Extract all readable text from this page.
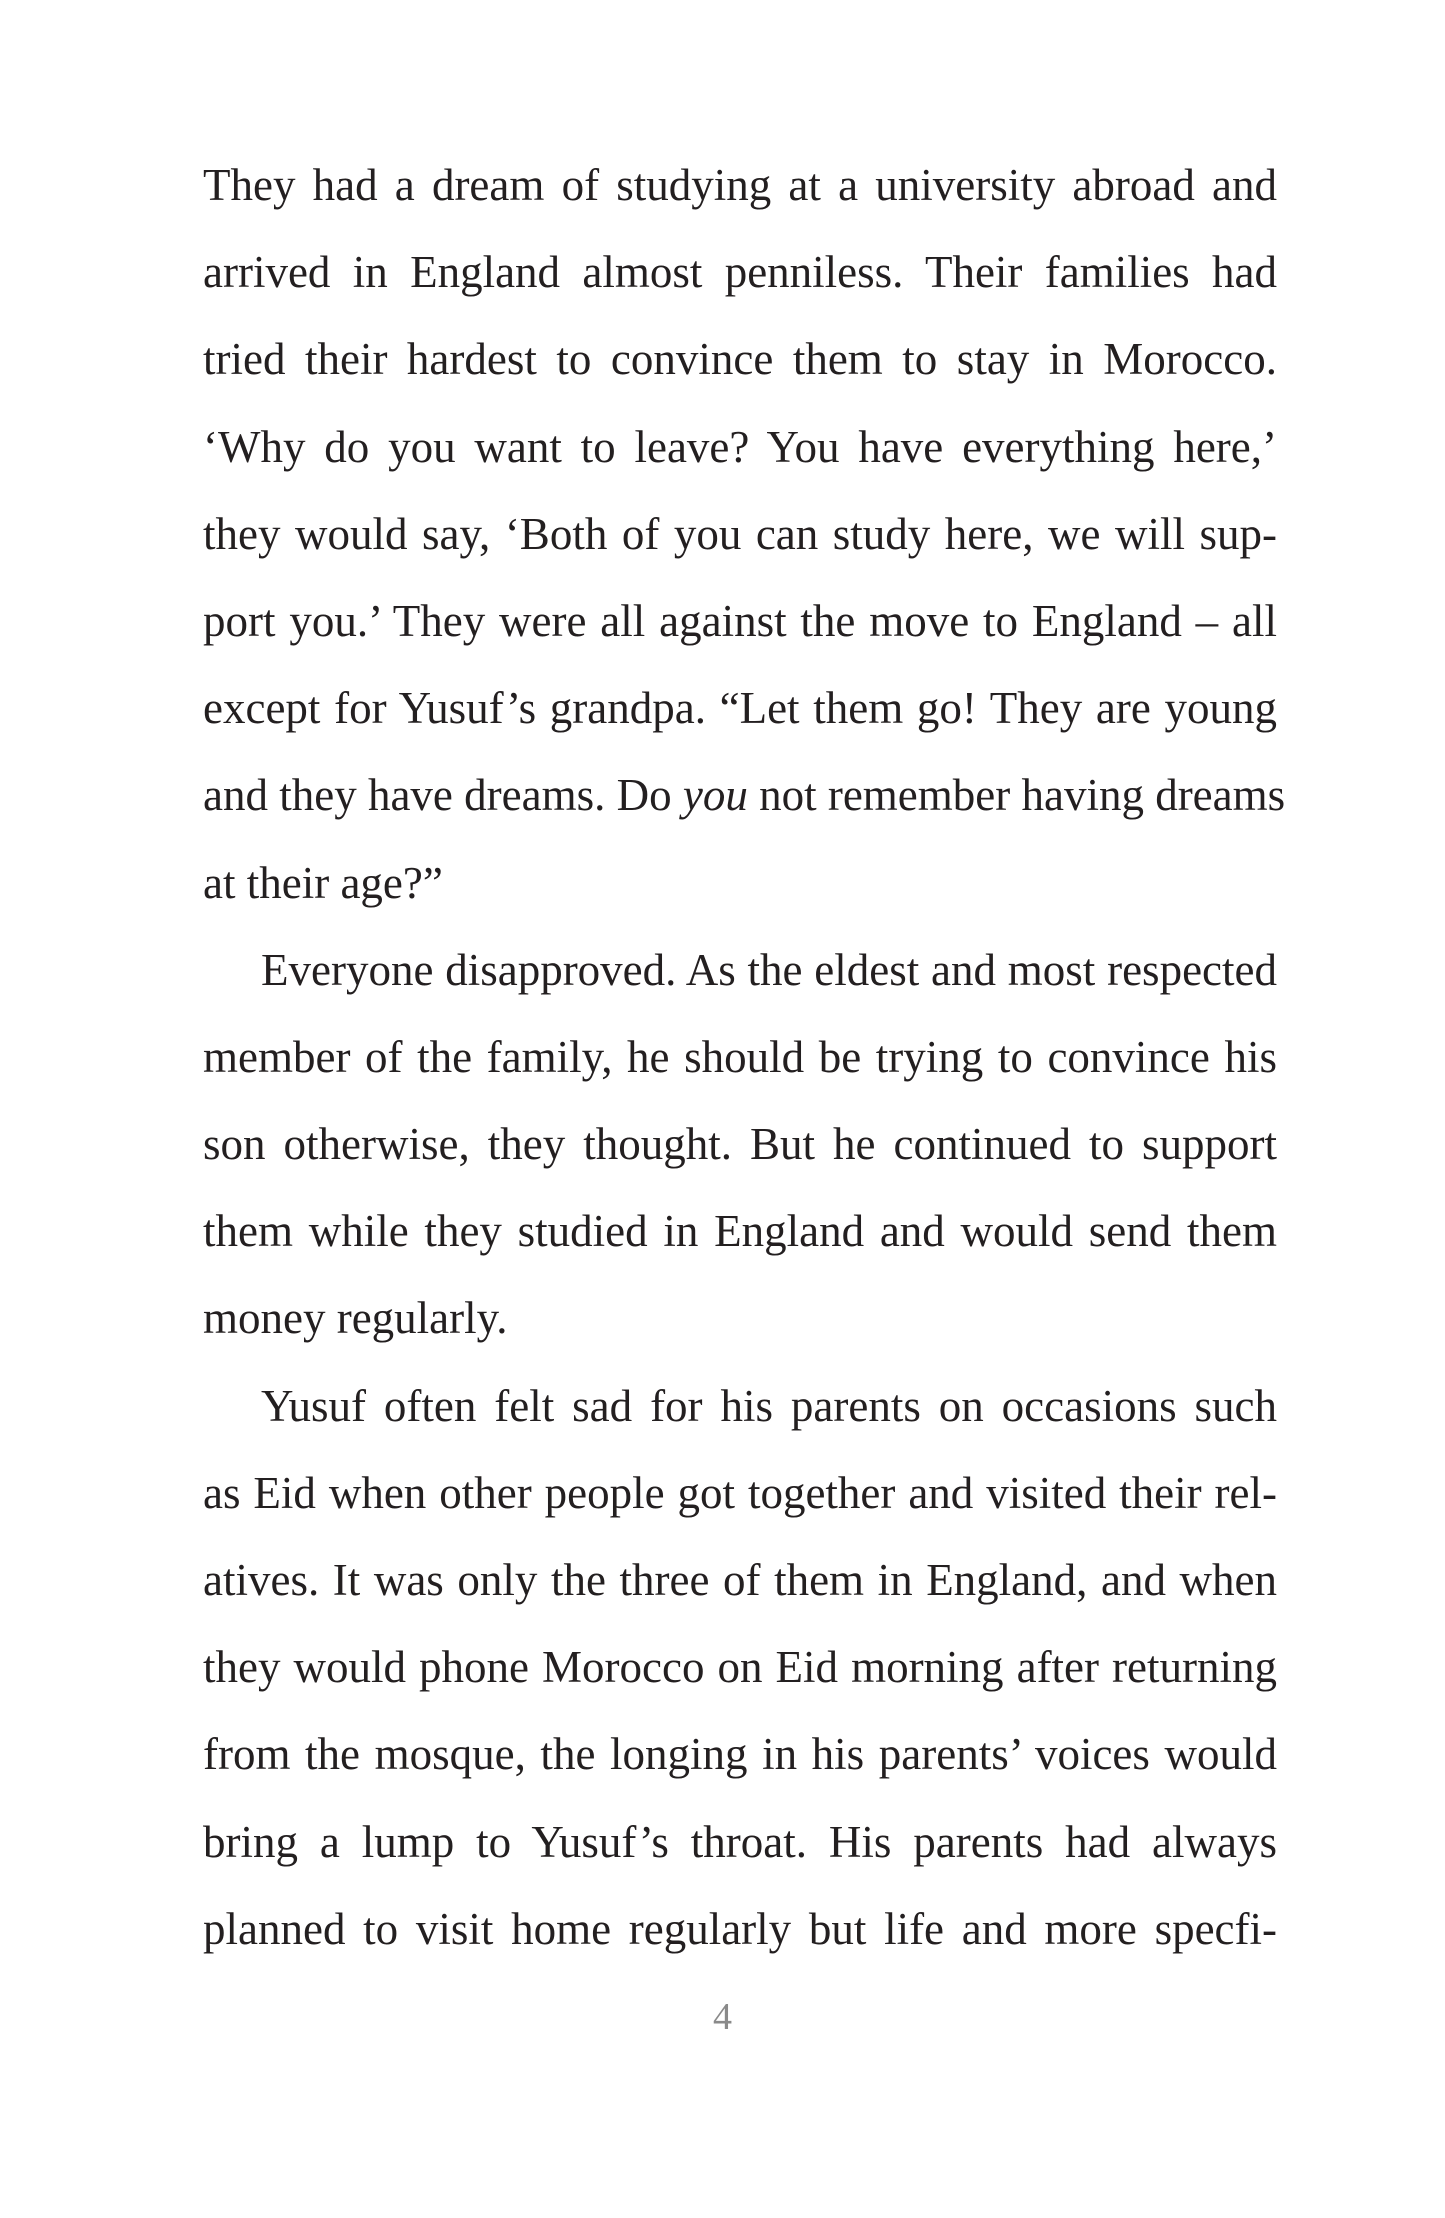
They had a dream of studying at a university abroad and
arrived in England almost penniless. Their families had
tried their hardest to convince them to stay in Morocco.
‘Why do you want to leave? You have everything here,’
they would say, ‘Both of you can study here, we will sup-
port you.’ They were all against the move to England – all
except for Yusuf’s grandpa. “Let them go! They are young
and they have dreams. Do you not remember having dreams
at their age?”
Everyone disapproved. As the eldest and most respected
member of the family, he should be trying to convince his
son otherwise, they thought. But he continued to support
them while they studied in England and would send them
money regularly.
Yusuf often felt sad for his parents on occasions such
as Eid when other people got together and visited their rel-
atives. It was only the three of them in England, and when
they would phone Morocco on Eid morning after returning
from the mosque, the longing in his parents’ voices would
bring a lump to Yusuf’s throat. His parents had always
planned to visit home regularly but life and more specfi-
4
